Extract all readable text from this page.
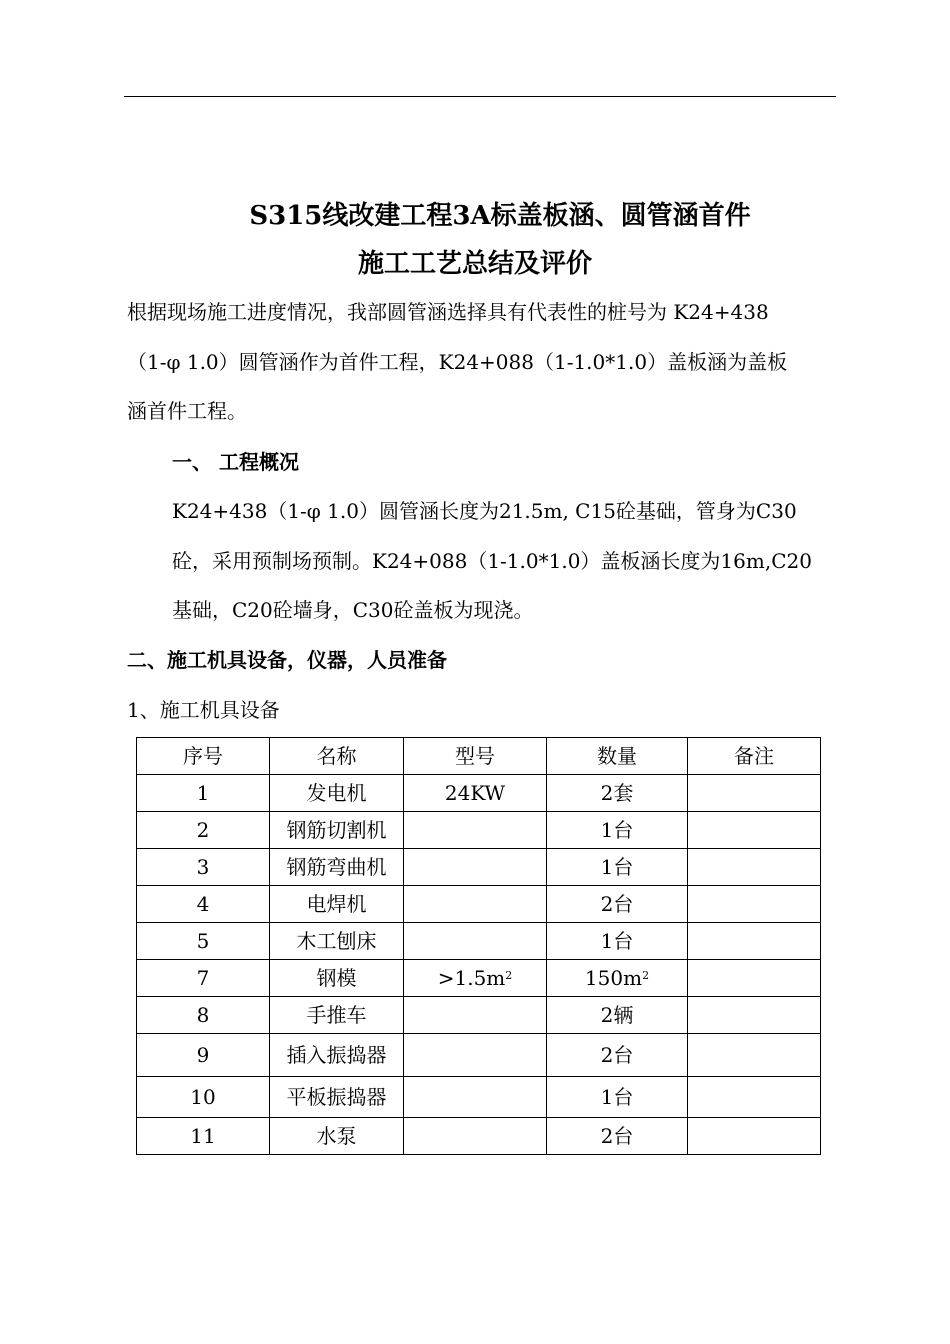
S315线改建工程3A标盖板涵、圆管涵首件
施工工艺总结及评价
根据现场施工进度情况，我部圆管涵选择具有代表性的桩号为 K24+438
（1-φ 1.0）圆管涵作为首件工程，K24+088（1-1.0*1.0）盖板涵为盖板
涵首件工程。
一、 工程概况
K24+438（1-φ 1.0）圆管涵长度为21.5m, C15砼基础，管身为C30
砼，采用预制场预制。K24+088（1-1.0*1.0）盖板涵长度为16m,C20
基础，C20砼墙身，C30砼盖板为现浇。
二、施工机具设备，仪器，人员准备
1、施工机具设备
序号	名称	型号	数量	备注
1	发电机	24KW	2套	
2	钢筋切割机		1台	
3	钢筋弯曲机		1台	
4	电焊机		2台	
5	木工刨床		1台	
7	钢模	$>1.5m^2$	$150m^2$	
8	手推车		2辆	
9	插入振捣器		2台	
10	平板振捣器		1台	
11	水泵		2台	
